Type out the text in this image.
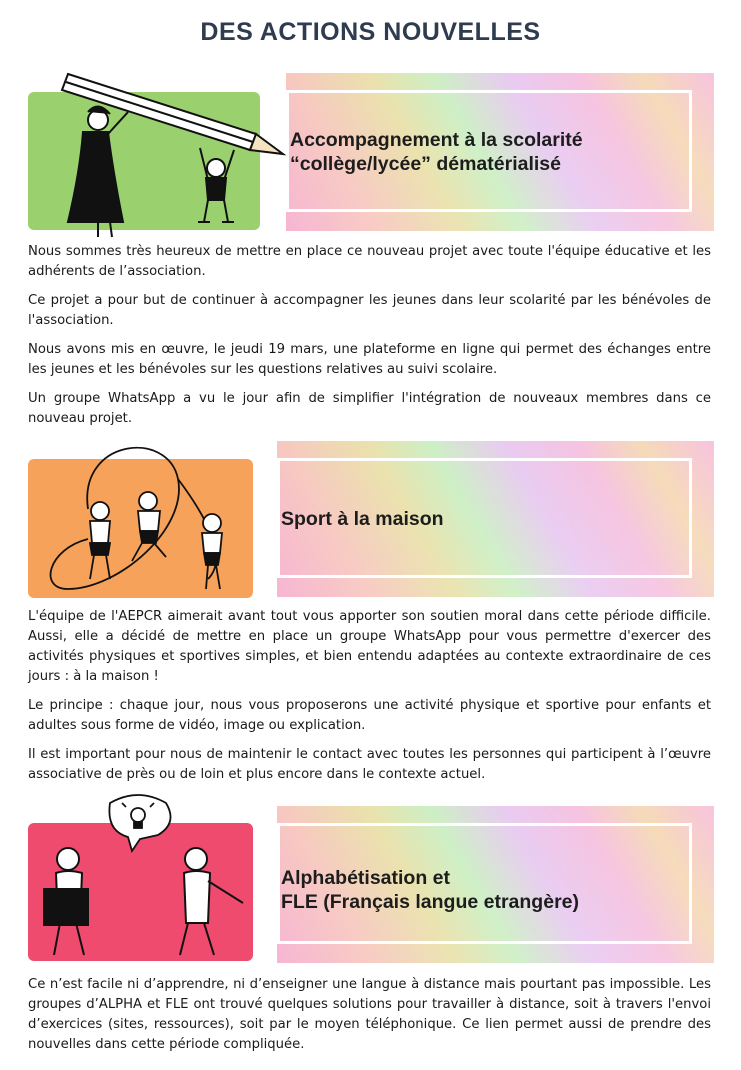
DES ACTIONS NOUVELLES
Accompagnement à la scolarité
“collège/lycée” dématérialisé
Nous sommes très heureux de mettre en place ce nouveau projet avec toute l'équipe éducative et les adhérents de l’association.
Ce projet a pour but de continuer à accompagner les jeunes dans leur scolarité par les bénévoles de l'association.
Nous avons mis en œuvre, le jeudi 19 mars, une plateforme en ligne qui permet des échanges entre les jeunes et les bénévoles sur les questions relatives au suivi scolaire.
Un groupe WhatsApp a vu le jour afin de simplifier l'intégration de nouveaux membres dans ce nouveau projet.
Sport à la maison
L'équipe de l'AEPCR aimerait avant tout vous apporter son soutien moral dans cette période difficile. Aussi, elle a décidé de mettre en place un groupe WhatsApp pour vous permettre d'exercer des activités physiques et sportives simples, et bien entendu adaptées au contexte extraordinaire de ces jours : à la maison !
Le principe : chaque jour, nous vous proposerons une activité physique et sportive pour enfants et adultes sous forme de vidéo, image ou explication.
Il est important pour nous de maintenir le contact avec toutes les personnes qui participent à l’œuvre associative de près ou de loin et plus encore dans le contexte actuel.
Alphabétisation et
FLE (Français langue etrangère)
Ce n’est facile ni d’apprendre, ni d’enseigner une langue à distance mais pourtant pas impossible. Les groupes d’ALPHA et FLE ont trouvé quelques solutions pour travailler à distance, soit à travers l'envoi d’exercices (sites, ressources), soit par le moyen téléphonique. Ce lien permet aussi de prendre des nouvelles dans cette période compliquée.
